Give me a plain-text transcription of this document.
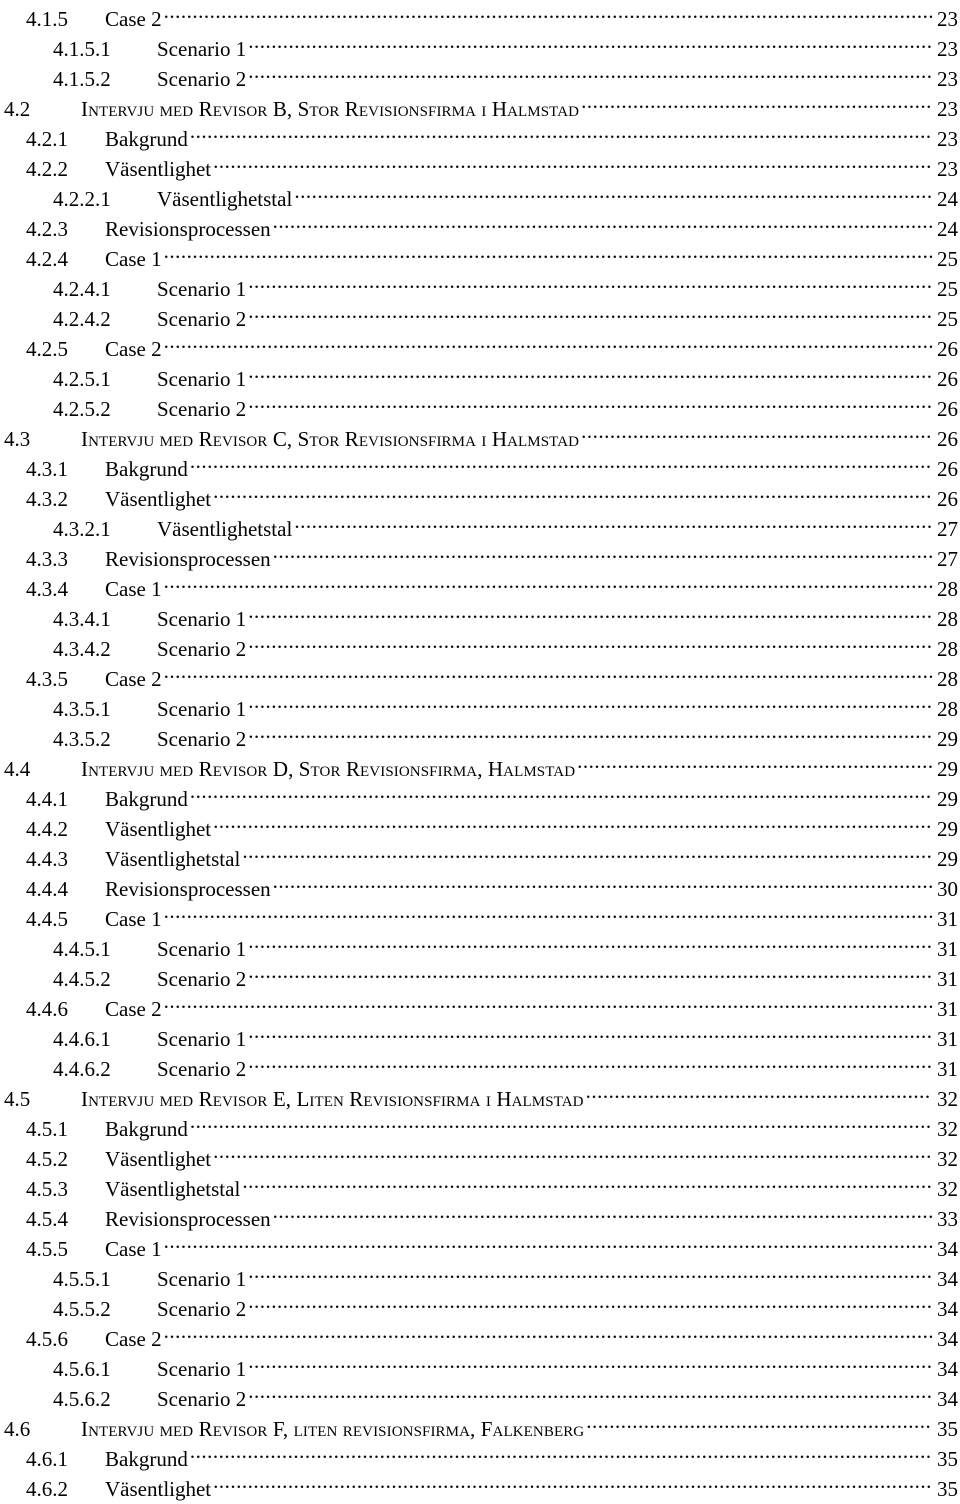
4.1.5	Case 2 .....	23
4.1.5.1	Scenario 1 .....	23
4.1.5.2	Scenario 2 .....	23
4.2	Intervju med Revisor B, Stor Revisionsfirma i Halmstad .....	23
4.2.1	Bakgrund .....	23
4.2.2	Väsentlighet .....	23
4.2.2.1	Väsentlighetstal .....	24
4.2.3	Revisionsprocessen .....	24
4.2.4	Case 1 .....	25
4.2.4.1	Scenario 1 .....	25
4.2.4.2	Scenario 2 .....	25
4.2.5	Case 2 .....	26
4.2.5.1	Scenario 1 .....	26
4.2.5.2	Scenario 2 .....	26
4.3	Intervju med Revisor C, Stor Revisionsfirma i Halmstad .....	26
4.3.1	Bakgrund .....	26
4.3.2	Väsentlighet .....	26
4.3.2.1	Väsentlighetstal .....	27
4.3.3	Revisionsprocessen .....	27
4.3.4	Case 1 .....	28
4.3.4.1	Scenario 1 .....	28
4.3.4.2	Scenario 2 .....	28
4.3.5	Case 2 .....	28
4.3.5.1	Scenario 1 .....	28
4.3.5.2	Scenario 2 .....	29
4.4	Intervju med Revisor D, Stor Revisionsfirma, Halmstad .....	29
4.4.1	Bakgrund .....	29
4.4.2	Väsentlighet .....	29
4.4.3	Väsentlighetstal .....	29
4.4.4	Revisionsprocessen .....	30
4.4.5	Case 1 .....	31
4.4.5.1	Scenario 1 .....	31
4.4.5.2	Scenario 2 .....	31
4.4.6	Case 2 .....	31
4.4.6.1	Scenario 1 .....	31
4.4.6.2	Scenario 2 .....	31
4.5	Intervju med Revisor E, Liten Revisionsfirma i Halmstad .....	32
4.5.1	Bakgrund .....	32
4.5.2	Väsentlighet .....	32
4.5.3	Väsentlighetstal .....	32
4.5.4	Revisionsprocessen .....	33
4.5.5	Case 1 .....	34
4.5.5.1	Scenario 1 .....	34
4.5.5.2	Scenario 2 .....	34
4.5.6	Case 2 .....	34
4.5.6.1	Scenario 1 .....	34
4.5.6.2	Scenario 2 .....	34
4.6	Intervju med Revisor F, liten revisionsfirma, Falkenberg .....	35
4.6.1	Bakgrund .....	35
4.6.2	Väsentlighet .....	35
